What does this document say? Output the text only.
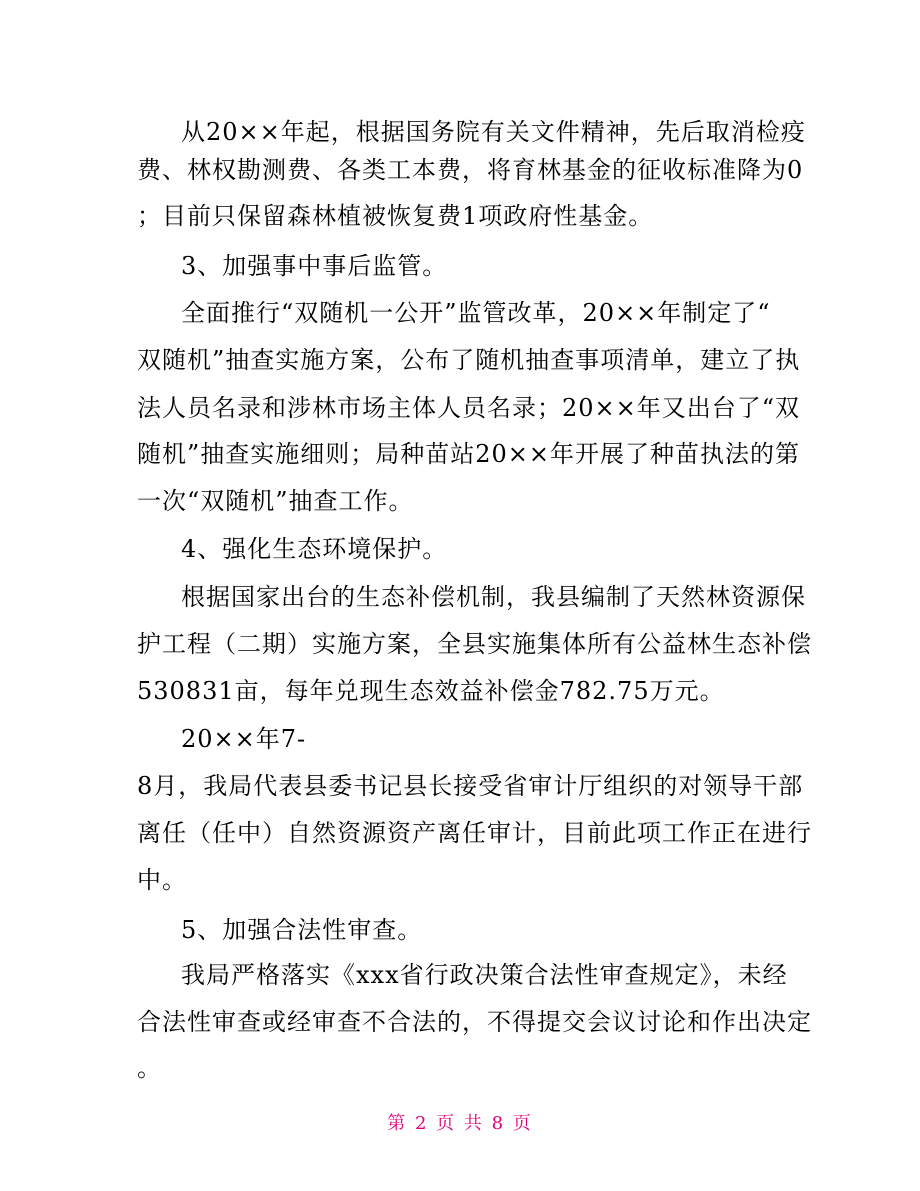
从20××年起，根据国务院有关文件精神，先后取消检疫
费、林权勘测费、各类工本费，将育林基金的征收标准降为0
；目前只保留森林植被恢复费1项政府性基金。
3、加强事中事后监管。
全面推行“双随机一公开”监管改革，20××年制定了“
双随机”抽查实施方案，公布了随机抽查事项清单，建立了执
法人员名录和涉林市场主体人员名录；20××年又出台了“双
随机”抽查实施细则；局种苗站20××年开展了种苗执法的第
一次“双随机”抽查工作。
4、强化生态环境保护。
根据国家出台的生态补偿机制，我县编制了天然林资源保
护工程（二期）实施方案，全县实施集体所有公益林生态补偿
530831亩，每年兑现生态效益补偿金782.75万元。
20××年7-
8月，我局代表县委书记县长接受省审计厅组织的对领导干部
离任（任中）自然资源资产离任审计，目前此项工作正在进行
中。
5、加强合法性审查。
我局严格落实《xxx省行政决策合法性审查规定》，未经
合法性审查或经审查不合法的，不得提交会议讨论和作出决定
。
第 2 页 共 8 页
